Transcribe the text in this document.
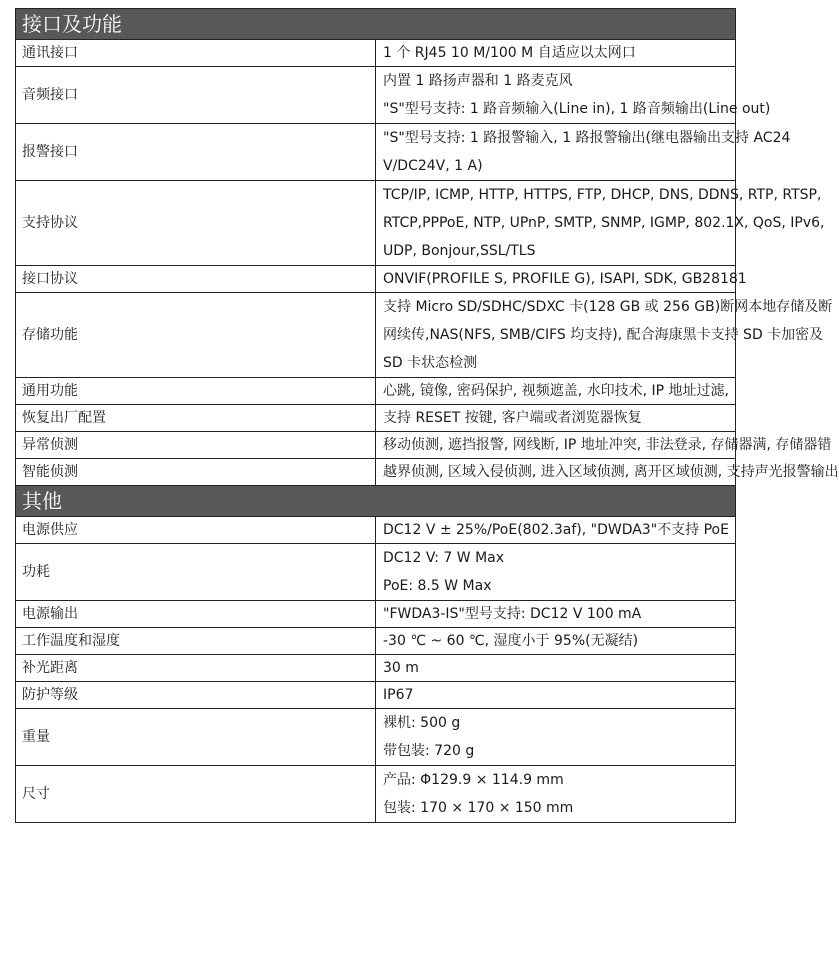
接口及功能	
通讯接口	1 个 RJ45 10 M/100 M 自适应以太网口

音频接口	内置 1 路扬声器和 1 路麦克风
"S"型号支持: 1 路音频输入(Line in), 1 路音频输出(Line out)

报警接口	"S"型号支持: 1 路报警输入, 1 路报警输出(继电器输出支持 AC24
V/DC24V, 1 A)

支持协议	TCP/IP, ICMP, HTTP, HTTPS, FTP, DHCP, DNS, DDNS, RTP, RTSP,
RTCP,PPPoE, NTP, UPnP, SMTP, SNMP, IGMP, 802.1X, QoS, IPv6,
UDP, Bonjour,SSL/TLS

接口协议	ONVIF(PROFILE S, PROFILE G), ISAPI, SDK, GB28181

存储功能	支持 Micro SD/SDHC/SDXC 卡(128 GB 或 256 GB)断网本地存储及断
网续传,NAS(NFS, SMB/CIFS 均支持), 配合海康黑卡支持 SD 卡加密及
SD 卡状态检测

通用功能	心跳, 镜像, 密码保护, 视频遮盖, 水印技术, IP 地址过滤,

恢复出厂配置	支持 RESET 按键, 客户端或者浏览器恢复

异常侦测	移动侦测, 遮挡报警, 网线断, IP 地址冲突, 非法登录, 存储器满, 存储器错

智能侦测	越界侦测, 区域入侵侦测, 进入区域侦测, 离开区域侦测, 支持声光报警输出

其他	
电源供应	DC12 V ± 25%/PoE(802.3af), "DWDA3"不支持 PoE

功耗	DC12 V: 7 W Max
PoE: 8.5 W Max

电源输出	"FWDA3-IS"型号支持: DC12 V 100 mA

工作温度和湿度	-30 ℃ ~ 60 ℃, 湿度小于 95%(无凝结)

补光距离	30 m

防护等级	IP67

重量	裸机: 500 g
带包装: 720 g

尺寸	产品: Φ129.9 × 114.9 mm
包装: 170 × 170 × 150 mm
